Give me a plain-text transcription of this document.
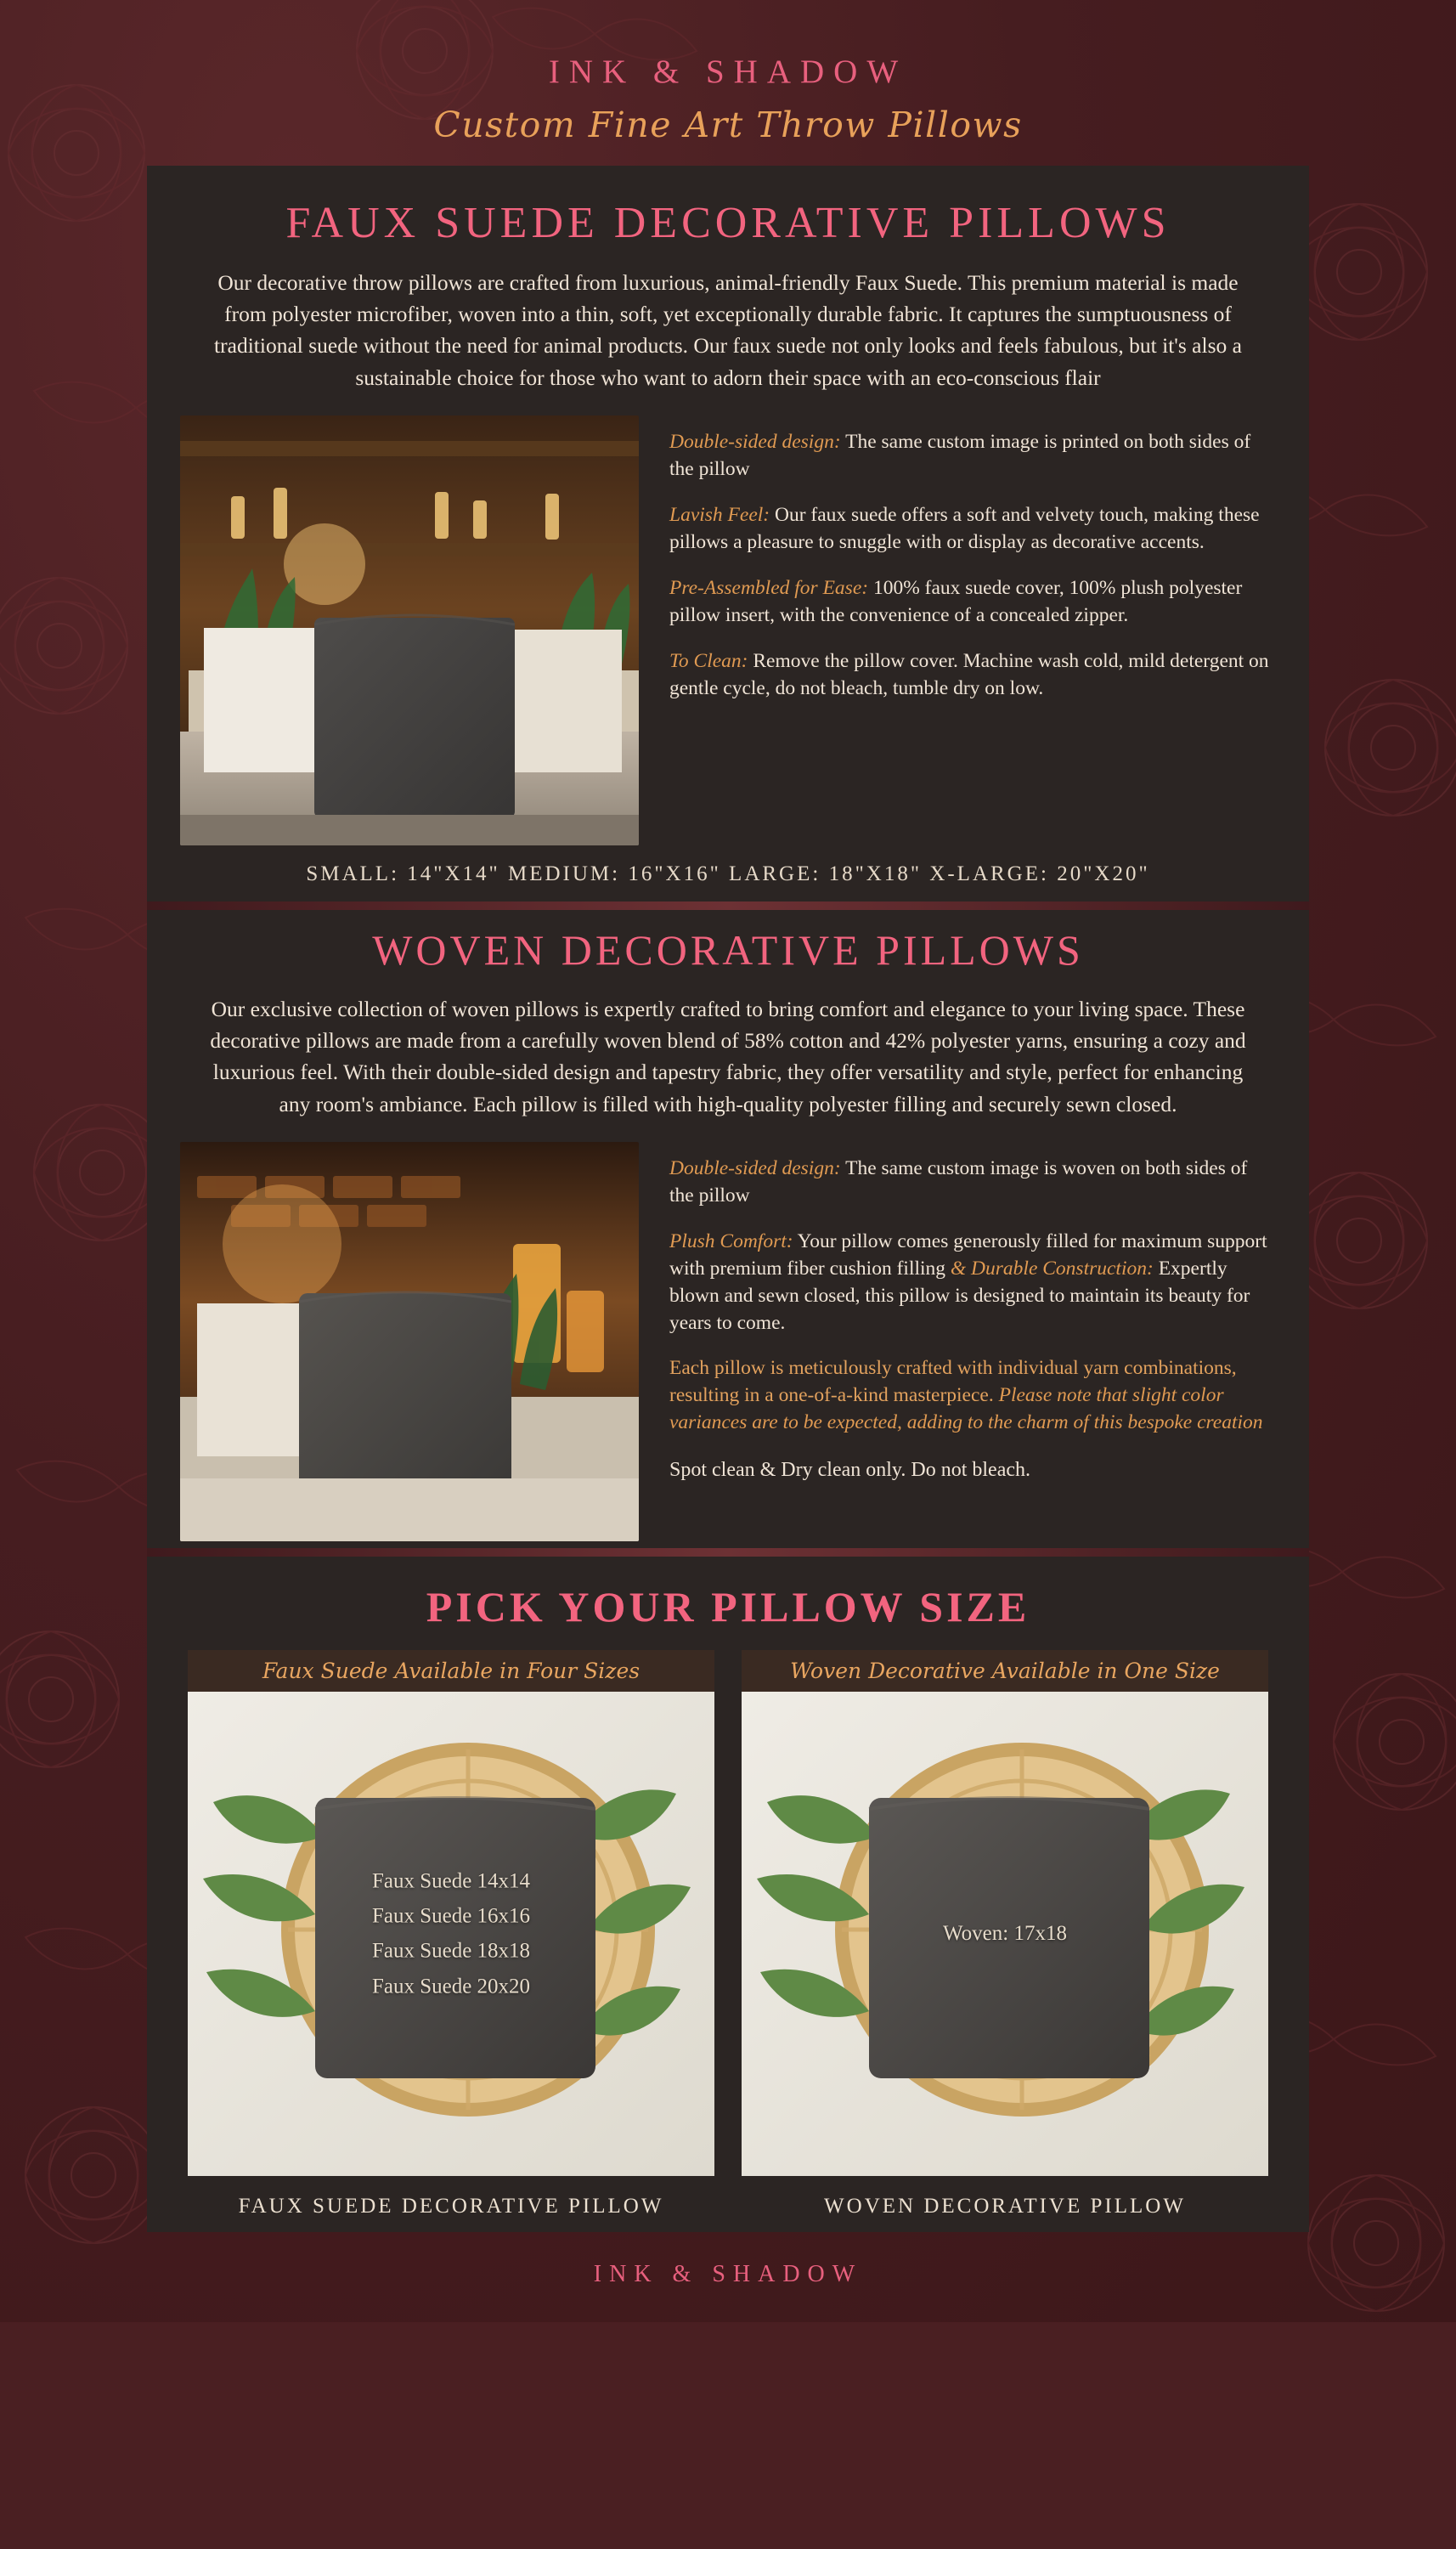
INK & SHADOW
Custom Fine Art Throw Pillows
FAUX SUEDE DECORATIVE PILLOWS

Our decorative throw pillows are crafted from luxurious, animal-friendly Faux Suede. This premium material is made from polyester microfiber, woven into a thin, soft, yet exceptionally durable fabric. It captures the sumptuousness of traditional suede without the need for animal products. Our faux suede not only looks and feels fabulous, but it's also a sustainable choice for those who want to adorn their space with an eco-conscious flair

Double-sided design: The same custom image is printed on both sides of the pillow

Lavish Feel: Our faux suede offers a soft and velvety touch, making these pillows a pleasure to snuggle with or display as decorative accents.

Pre-Assembled for Ease: 100% faux suede cover, 100% plush polyester pillow insert, with the convenience of a concealed zipper.

To Clean: Remove the pillow cover. Machine wash cold, mild detergent on gentle cycle, do not bleach, tumble dry on low.

SMALL: 14"X14" MEDIUM: 16"X16" LARGE: 18"X18" X-LARGE: 20"X20"
WOVEN DECORATIVE PILLOWS

Our exclusive collection of woven pillows is expertly crafted to bring comfort and elegance to your living space. These decorative pillows are made from a carefully woven blend of 58% cotton and 42% polyester yarns, ensuring a cozy and luxurious feel. With their double-sided design and tapestry fabric, they offer versatility and style, perfect for enhancing any room's ambiance. Each pillow is filled with high-quality polyester filling and securely sewn closed.

Double-sided design: The same custom image is woven on both sides of the pillow

Plush Comfort: Your pillow comes generously filled for maximum support with premium fiber cushion filling & Durable Construction: Expertly blown and sewn closed, this pillow is designed to maintain its beauty for years to come.

Each pillow is meticulously crafted with individual yarn combinations, resulting in a one-of-a-kind masterpiece. Please note that slight color variances are to be expected, adding to the charm of this bespoke creation

Spot clean & Dry clean only. Do not bleach.

PICK YOUR PILLOW SIZE
Faux Suede Available in Four Sizes
Faux Suede 14x14
Faux Suede 16x16
Faux Suede 18x18
Faux Suede 20x20
FAUX SUEDE DECORATIVE PILLOW
Woven Decorative Available in One Size
Woven: 17x18
WOVEN DECORATIVE PILLOW
INK & SHADOW
